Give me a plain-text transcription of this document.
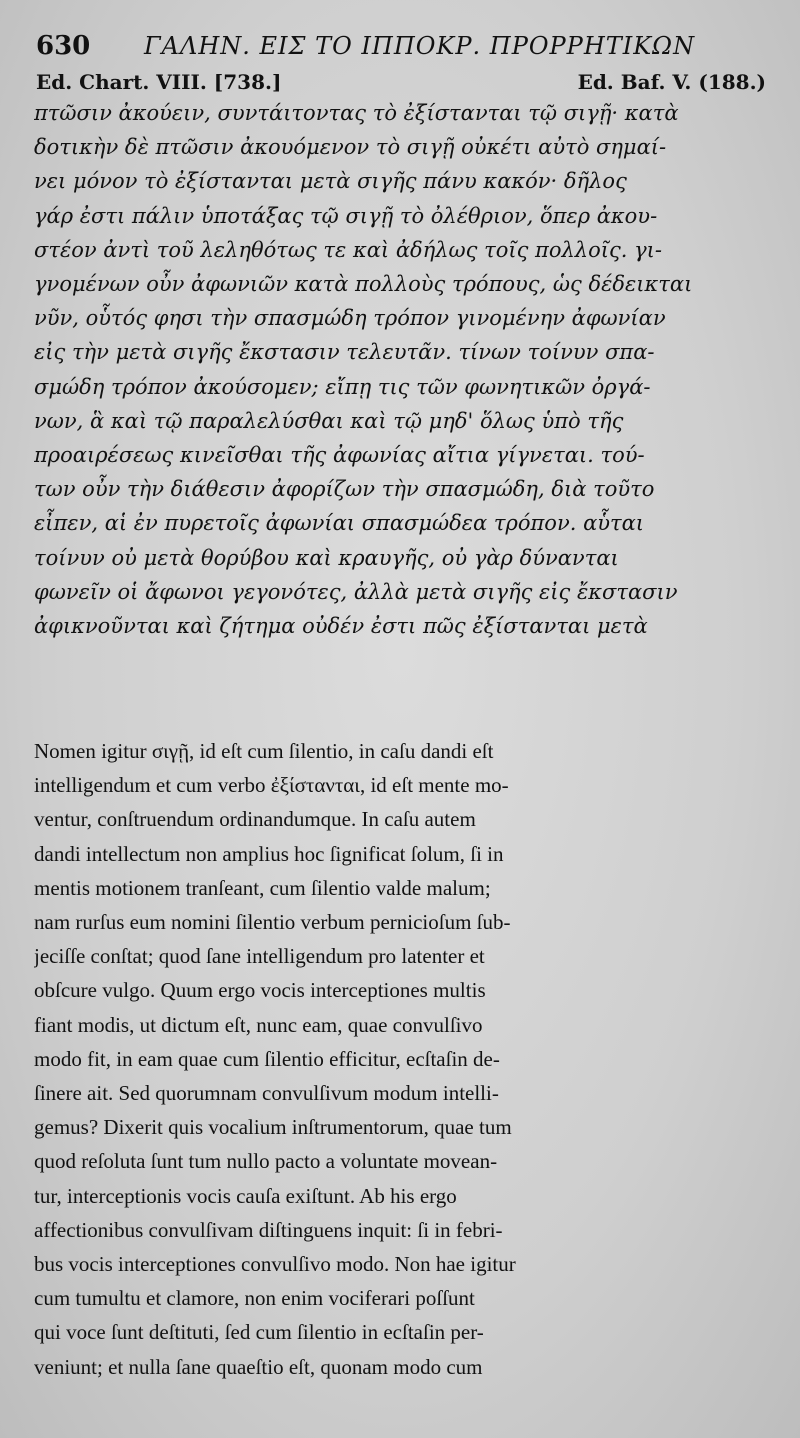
630 ΓΑΛΗΝ. ΕΙΣ ΤΟ ΙΠΠΟΚΡ. ΠΡΟΡΡΗΤΙΚΩΝ
Ed. Chart. VIII. [738.]	Ed. Baf. V. (188.)
πτῶσιν ἀκούειν, συντάιτοντας τὸ ἐξίστανται τῷ σιγῇ· κατὰ
δοτικὴν δὲ πτῶσιν ἀκουόμενον τὸ σιγῇ οὐκέτι αὐτὸ σημαί-
νει μόνον τὸ ἐξίστανται μετὰ σιγῆς πάνυ κακόν· δῆλος
γάρ ἐστι πάλιν ὑποτάξας τῷ σιγῇ τὸ ὀλέθριον, ὅπερ ἀκου-
στέον ἀντὶ τοῦ λεληθότως τε καὶ ἀδήλως τοῖς πολλοῖς. γι-
γνομένων οὖν ἀφωνιῶν κατὰ πολλοὺς τρόπους, ὡς δέδεικται
νῦν, οὗτός φησι τὴν σπασμώδη τρόπον γινομένην ἀφωνίαν
εἰς τὴν μετὰ σιγῆς ἔκστασιν τελευτᾶν. τίνων τοίνυν σπα-
σμώδη τρόπον ἀκούσομεν; εἴπῃ τις τῶν φωνητικῶν ὀργά-
νων, ἃ καὶ τῷ παραλελύσθαι καὶ τῷ μηδ' ὅλως ὑπὸ τῆς
προαιρέσεως κινεῖσθαι τῆς ἀφωνίας αἴτια γίγνεται. τού-
των οὖν τὴν διάθεσιν ἀφορίζων τὴν σπασμώδη, διὰ τοῦτο
εἶπεν, αἱ ἐν πυρετοῖς ἀφωνίαι σπασμώδεα τρόπον. αὗται
τοίνυν οὐ μετὰ θορύβου καὶ κραυγῆς, οὐ γὰρ δύνανται
φωνεῖν οἱ ἄφωνοι γεγονότες, ἀλλὰ μετὰ σιγῆς εἰς ἔκστασιν
ἀφικνοῦνται καὶ ζήτημα οὐδέν ἐστι πῶς ἐξίστανται μετὰ
Nomen igitur σιγῇ, id eſt cum ſilentio, in caſu dandi eſt
intelligendum et cum verbo ἐξίστανται, id eſt mente mo-
ventur, conſtruendum ordinandumque. In caſu autem
dandi intellectum non amplius hoc ſignificat ſolum, ſi in
mentis motionem tranſeant, cum ſilentio valde malum;
nam rurſus eum nomini ſilentio verbum pernicioſum ſub-
jeciſſe conſtat; quod ſane intelligendum pro latenter et
obſcure vulgo. Quum ergo vocis interceptiones multis
fiant modis, ut dictum eſt, nunc eam, quae convulſivo
modo fit, in eam quae cum ſilentio efficitur, ecſtaſin de-
ſinere ait. Sed quorumnam convulſivum modum intelli-
gemus? Dixerit quis vocalium inſtrumentorum, quae tum
quod reſoluta ſunt tum nullo pacto a voluntate movean-
tur, interceptionis vocis cauſa exiſtunt. Ab his ergo
affectionibus convulſivam diſtinguens inquit: ſi in febri-
bus vocis interceptiones convulſivo modo. Non hae igitur
cum tumultu et clamore, non enim vociferari poſſunt
qui voce ſunt deſtituti, ſed cum ſilentio in ecſtaſin per-
veniunt; et nulla ſane quaeſtio eſt, quonam modo cum
